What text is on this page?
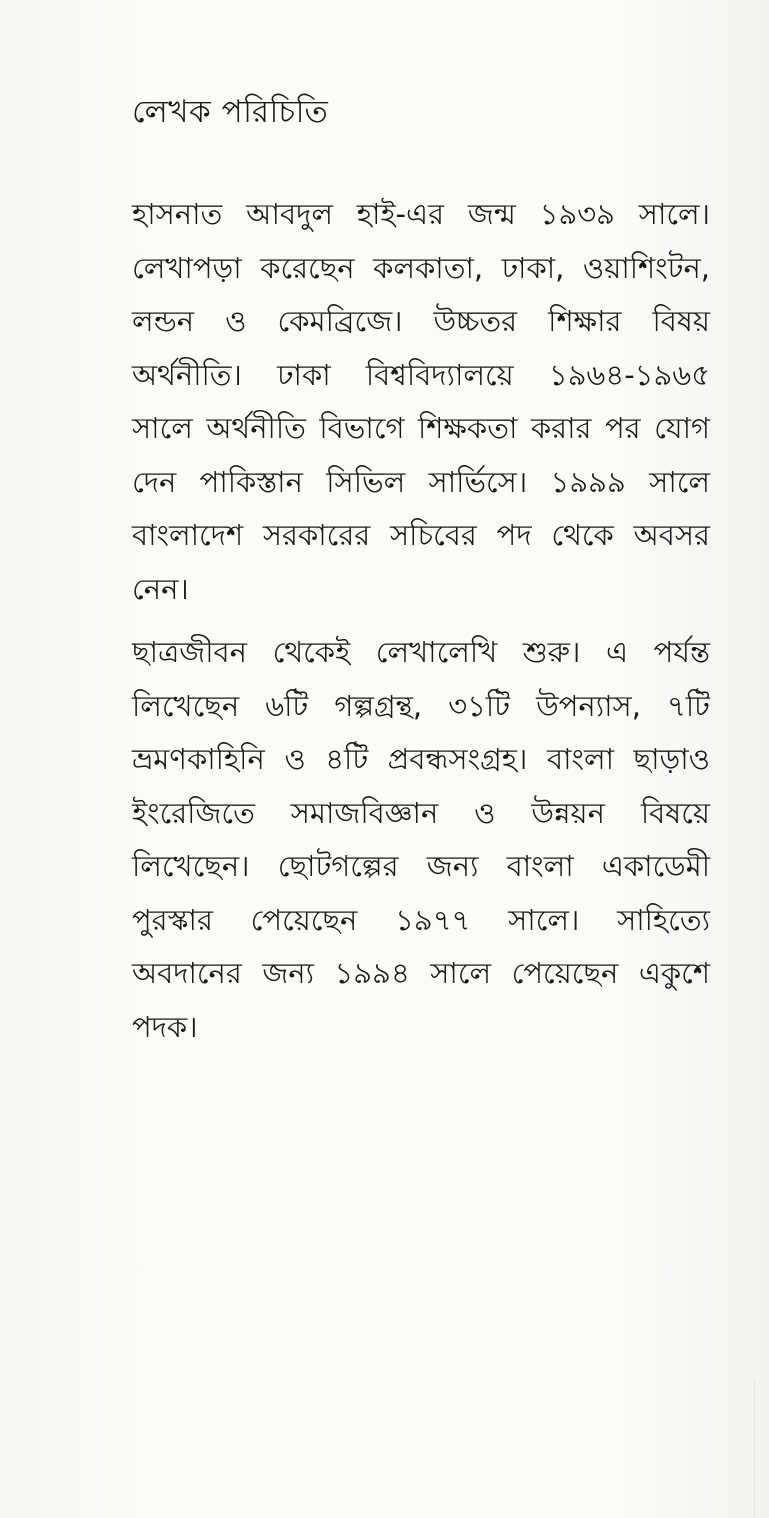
লেখক পরিচিতি

হাসনাত আবদুল হাই-এর জন্ম ১৯৩৯ সালে। লেখাপড়া করেছেন কলকাতা, ঢাকা, ওয়াশিংটন, লন্ডন ও কেমব্রিজে। উচ্চতর শিক্ষার বিষয় অর্থনীতি। ঢাকা বিশ্ববিদ্যালয়ে ১৯৬৪-১৯৬৫ সালে অর্থনীতি বিভাগে শিক্ষকতা করার পর যোগ দেন পাকিস্তান সিভিল সার্ভিসে। ১৯৯৯ সালে বাংলাদেশ সরকারের সচিবের পদ থেকে অবসর নেন।

ছাত্রজীবন থেকেই লেখালেখি শুরু। এ পর্যন্ত লিখেছেন ৬টি গল্পগ্রন্থ, ৩১টি উপন্যাস, ৭টি ভ্রমণকাহিনি ও ৪টি প্রবন্ধসংগ্রহ। বাংলা ছাড়াও ইংরেজিতে সমাজবিজ্ঞান ও উন্নয়ন বিষয়ে লিখেছেন। ছোটগল্পের জন্য বাংলা একাডেমী পুরস্কার পেয়েছেন ১৯৭৭ সালে। সাহিত্যে অবদানের জন্য ১৯৯৪ সালে পেয়েছেন একুশে পদক।
